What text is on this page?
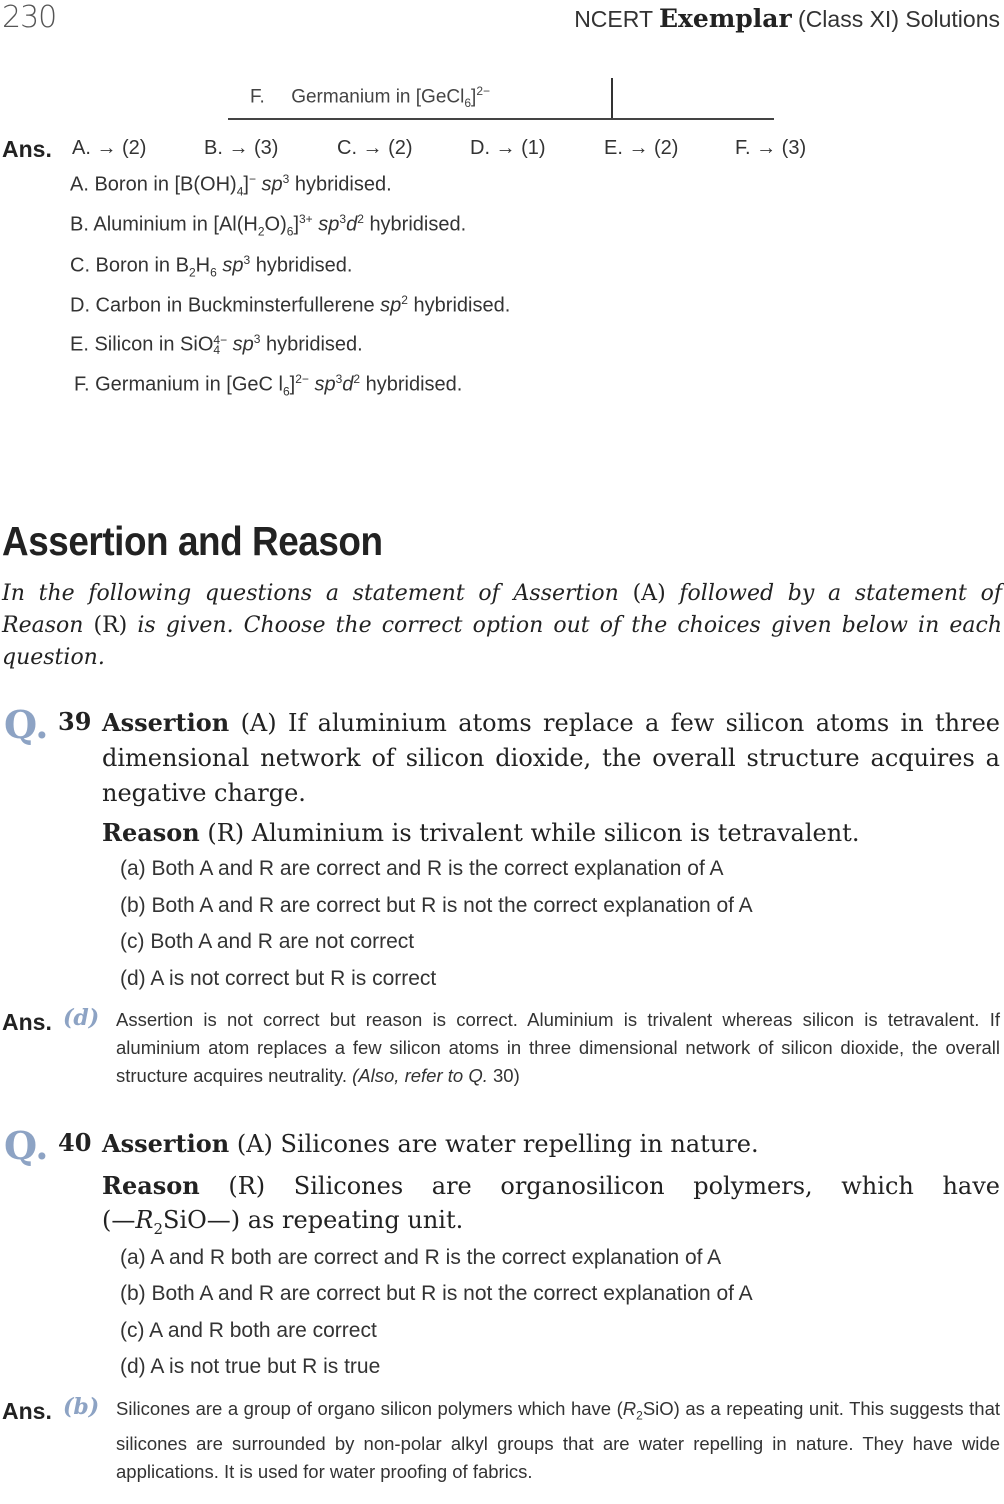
230	NCERT Exemplar (Class XI) Solutions
F. Germanium in [GeCl$_6$]$^{2-}$
Ans. A. → (2)	B. → (3)	C. → (2)	D. → (1)	E. → (2)	F. → (3)
A. Boron in $[B(OH)_4]^-$ $sp^3$ hybridised.
B. Aluminium in $[Al(H_2O)_6]^{3+}$ $sp^3d^2$ hybridised.
C. Boron in $B_2H_6$ $sp^3$ hybridised.
D. Carbon in Buckminsterfullerene $sp^2$ hybridised.
E. Silicon in SiO 4−
4 $sp^3$ hybridised.
F. Germanium in [GeC $l_6]^{2-}$ $sp^3d^2$ hybridised.
Assertion and Reason
In the following questions a statement of Assertion (A) followed by a statement of Reason (R) is given. Choose the correct option out of the choices given below in each question.
Q. 39 Assertion (A) If aluminium atoms replace a few silicon atoms in three dimensional network of silicon dioxide, the overall structure acquires a negative charge.
Reason (R) Aluminium is trivalent while silicon is tetravalent.
(a) Both A and R are correct and R is the correct explanation of A
(b) Both A and R are correct but R is not the correct explanation of A
(c) Both A and R are not correct
(d) A is not correct but R is correct
Ans. (d) Assertion is not correct but reason is correct. Aluminium is trivalent whereas silicon is tetravalent. If aluminium atom replaces a few silicon atoms in three dimensional network of silicon dioxide, the overall structure acquires neutrality. (Also, refer to Q. 30)
Q. 40 Assertion (A) Silicones are water repelling in nature.
Reason (R) Silicones are organosilicon polymers, which have
$(—R_2SiO—)$ as repeating unit.
(a) A and R both are correct and R is the correct explanation of A
(b) Both A and R are correct but R is not the correct explanation of A
(c) A and R both are correct
(d) A is not true but R is true
Ans. (b) Silicones are a group of organo silicon polymers which have $(R_2SiO)$ as a repeating unit. This suggests that silicones are surrounded by non-polar alkyl groups that are water repelling in nature. They have wide applications. It is used for water proofing of fabrics.
